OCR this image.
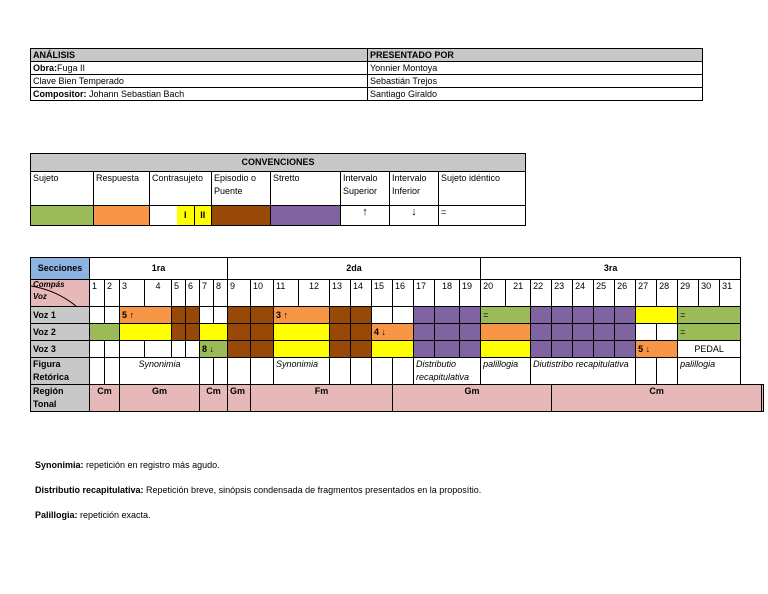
ANÁLISIS	PRESENTADO POR
Obra:Fuga II	Yonnier Montoya
Clave Bien Temperado	Sebastián Trejos
Compositor: Johann Sebastian Bach	Santiago Giraldo
CONVENCIONES							
Sujeto	Respuesta	Contrasujeto	Episodio o Puente	Stretto	Intervalo Superior	Intervalo Inferior	Sujeto idéntico

		I II			↑	↓	=
Secciones	1ra								2da											3ra												

Compás
Voz	1	2	3	4	5	6	7	8	9	10	11	12	13	14	15	16	17	18	19	20	21	22	23	24	25	26	27	28	29	30	31	
Voz 1			5 ↑								3 ↑									=									=			
Voz 2															4 ↓														=			
Voz 3							8 ↓																				5 ↓		PEDAL			
Figura Retórica			Synonimia								Synonimia						Distributio recapitulativa			palillogia		Diutistribo recapitulativa							palillogia			
Región Tonal	Cm		Gm				Cm		Gm	Fm						Gm							Cm	
Synonimia: repetición en registro más agudo.
Distributio recapitulativa: Repetición breve, sinópsis condensada de fragmentos presentados en la proposítio.
Palillogia: repetición exacta.
